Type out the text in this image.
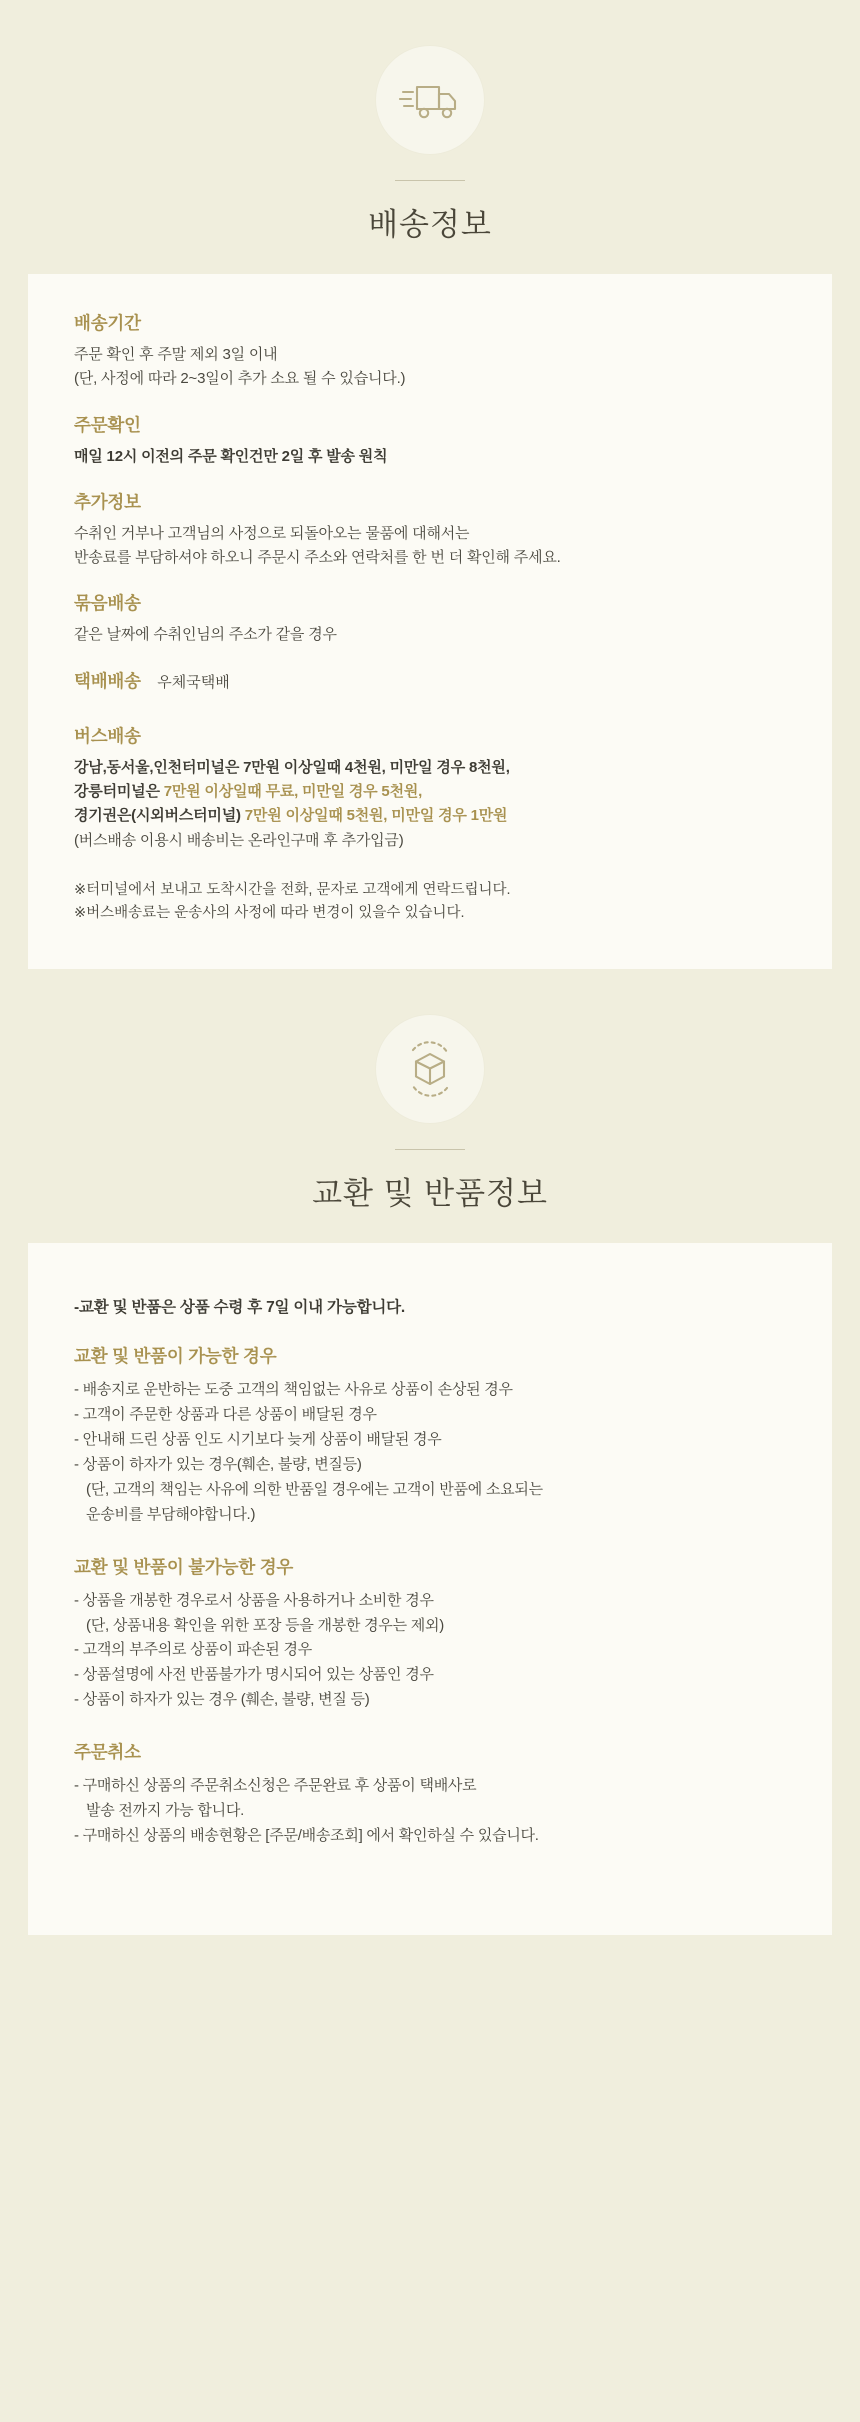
배송정보

배송기간

주문 확인 후 주말 제외 3일 이내

(단, 사정에 따라 2~3일이 추가 소요 될 수 있습니다.)

주문확인

매일 12시 이전의 주문 확인건만 2일 후 발송 원칙

추가정보

수취인 거부나 고객님의 사정으로 되돌아오는 물품에 대해서는

반송료를 부담하셔야 하오니 주문시 주소와 연락처를 한 번 더 확인해 주세요.

묶음배송

같은 날짜에 수취인님의 주소가 같을 경우

택배배송 우체국택배

버스배송

강남,동서울,인천터미널은 7만원 이상일때 4천원, 미만일 경우 8천원,

강릉터미널은 7만원 이상일때 무료, 미만일 경우 5천원,

경기권은(시외버스터미널) 7만원 이상일때 5천원, 미만일 경우 1만원

(버스배송 이용시 배송비는 온라인구매 후 추가입금)

※터미널에서 보내고 도착시간을 전화, 문자로 고객에게 연락드립니다.

※버스배송료는 운송사의 사정에 따라 변경이 있을수 있습니다.

교환 및 반품정보

-교환 및 반품은 상품 수령 후 7일 이내 가능합니다.

교환 및 반품이 가능한 경우

- 배송지로 운반하는 도중 고객의 책임없는 사유로 상품이 손상된 경우

- 고객이 주문한 상품과 다른 상품이 배달된 경우

- 안내해 드린 상품 인도 시기보다 늦게 상품이 배달된 경우

- 상품이 하자가 있는 경우(훼손, 불량, 변질등)

(단, 고객의 책임는 사유에 의한 반품일 경우에는 고객이 반품에 소요되는

운송비를 부담해야합니다.)

교환 및 반품이 불가능한 경우

- 상품을 개봉한 경우로서 상품을 사용하거나 소비한 경우

(단, 상품내용 확인을 위한 포장 등을 개봉한 경우는 제외)

- 고객의 부주의로 상품이 파손된 경우

- 상품설명에 사전 반품불가가 명시되어 있는 상품인 경우

- 상품이 하자가 있는 경우 (훼손, 불량, 변질 등)

주문취소

- 구매하신 상품의 주문취소신청은 주문완료 후 상품이 택배사로

발송 전까지 가능 합니다.

- 구매하신 상품의 배송현황은 [주문/배송조회] 에서 확인하실 수 있습니다.
